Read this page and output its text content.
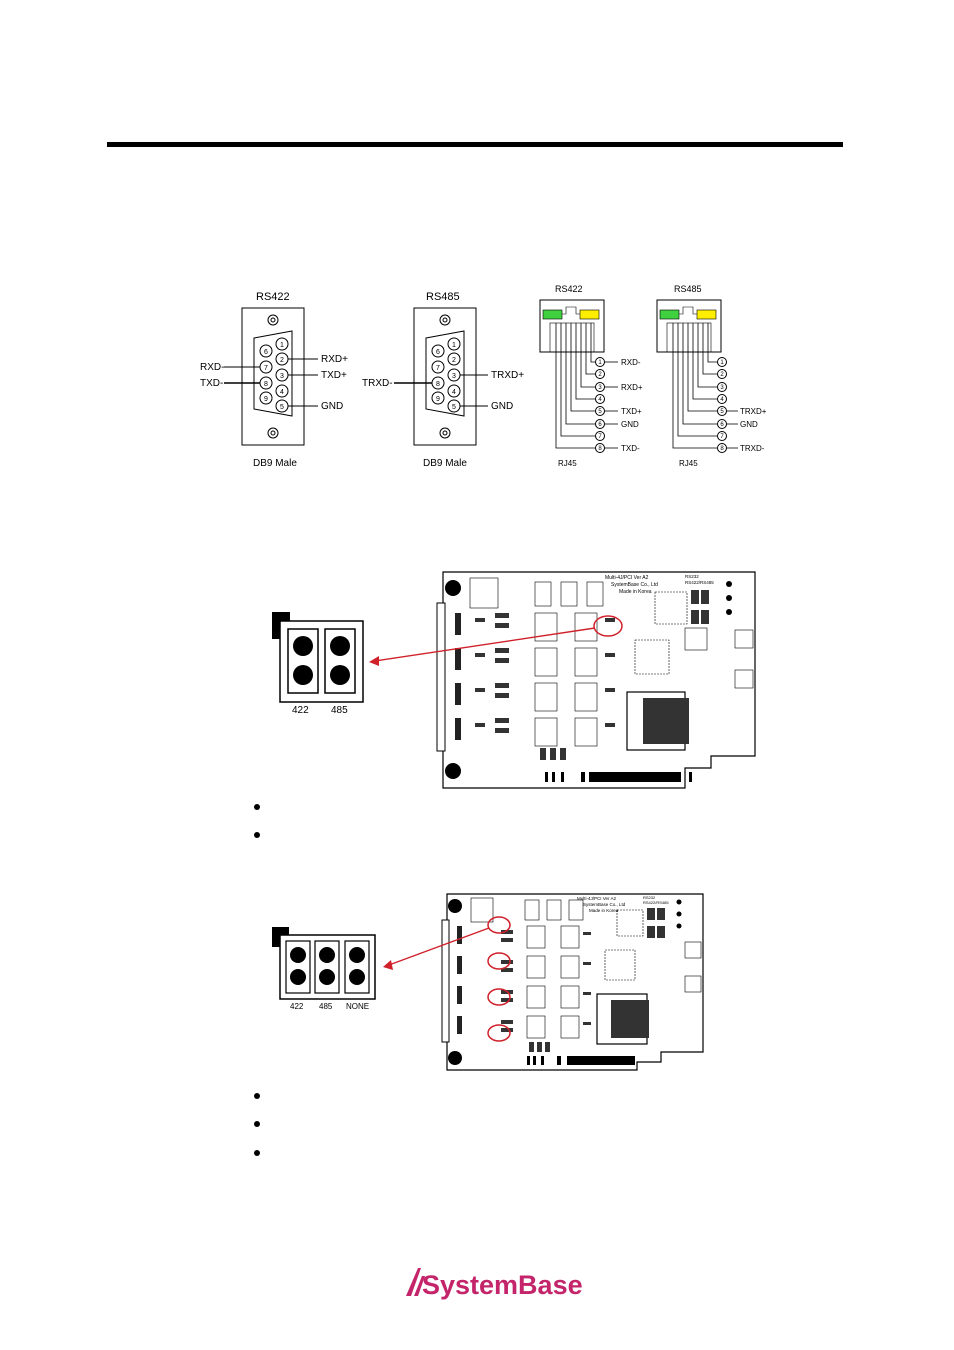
RS422
1
2
3
4
5
6
7
8
9
RXD-
TXD-
RXD+
TXD+
GND
DB9 Male
RS485
1
2
3
4
5
6
7
8
9
TRXD-
TRXD+
GND
DB9 Male
RS422
1
2
3
4
5
6
7
8
RXD-
RXD+
TXD+
GND
TXD-
RJ45
RS485
1
2
3
4
5
6
7
8
TRXD+
GND
TRXD-
RJ45
422 485
Multi-4J/PCI Ver A2
SystemBase Co., Ltd
Made in Korea
RS232
RS422/RS485
422 485 NONE
Multi-4J/PCI Ver A2
SystemBase Co., Ltd
Made in Korea
RS232
RS422/RS485
SystemBase
